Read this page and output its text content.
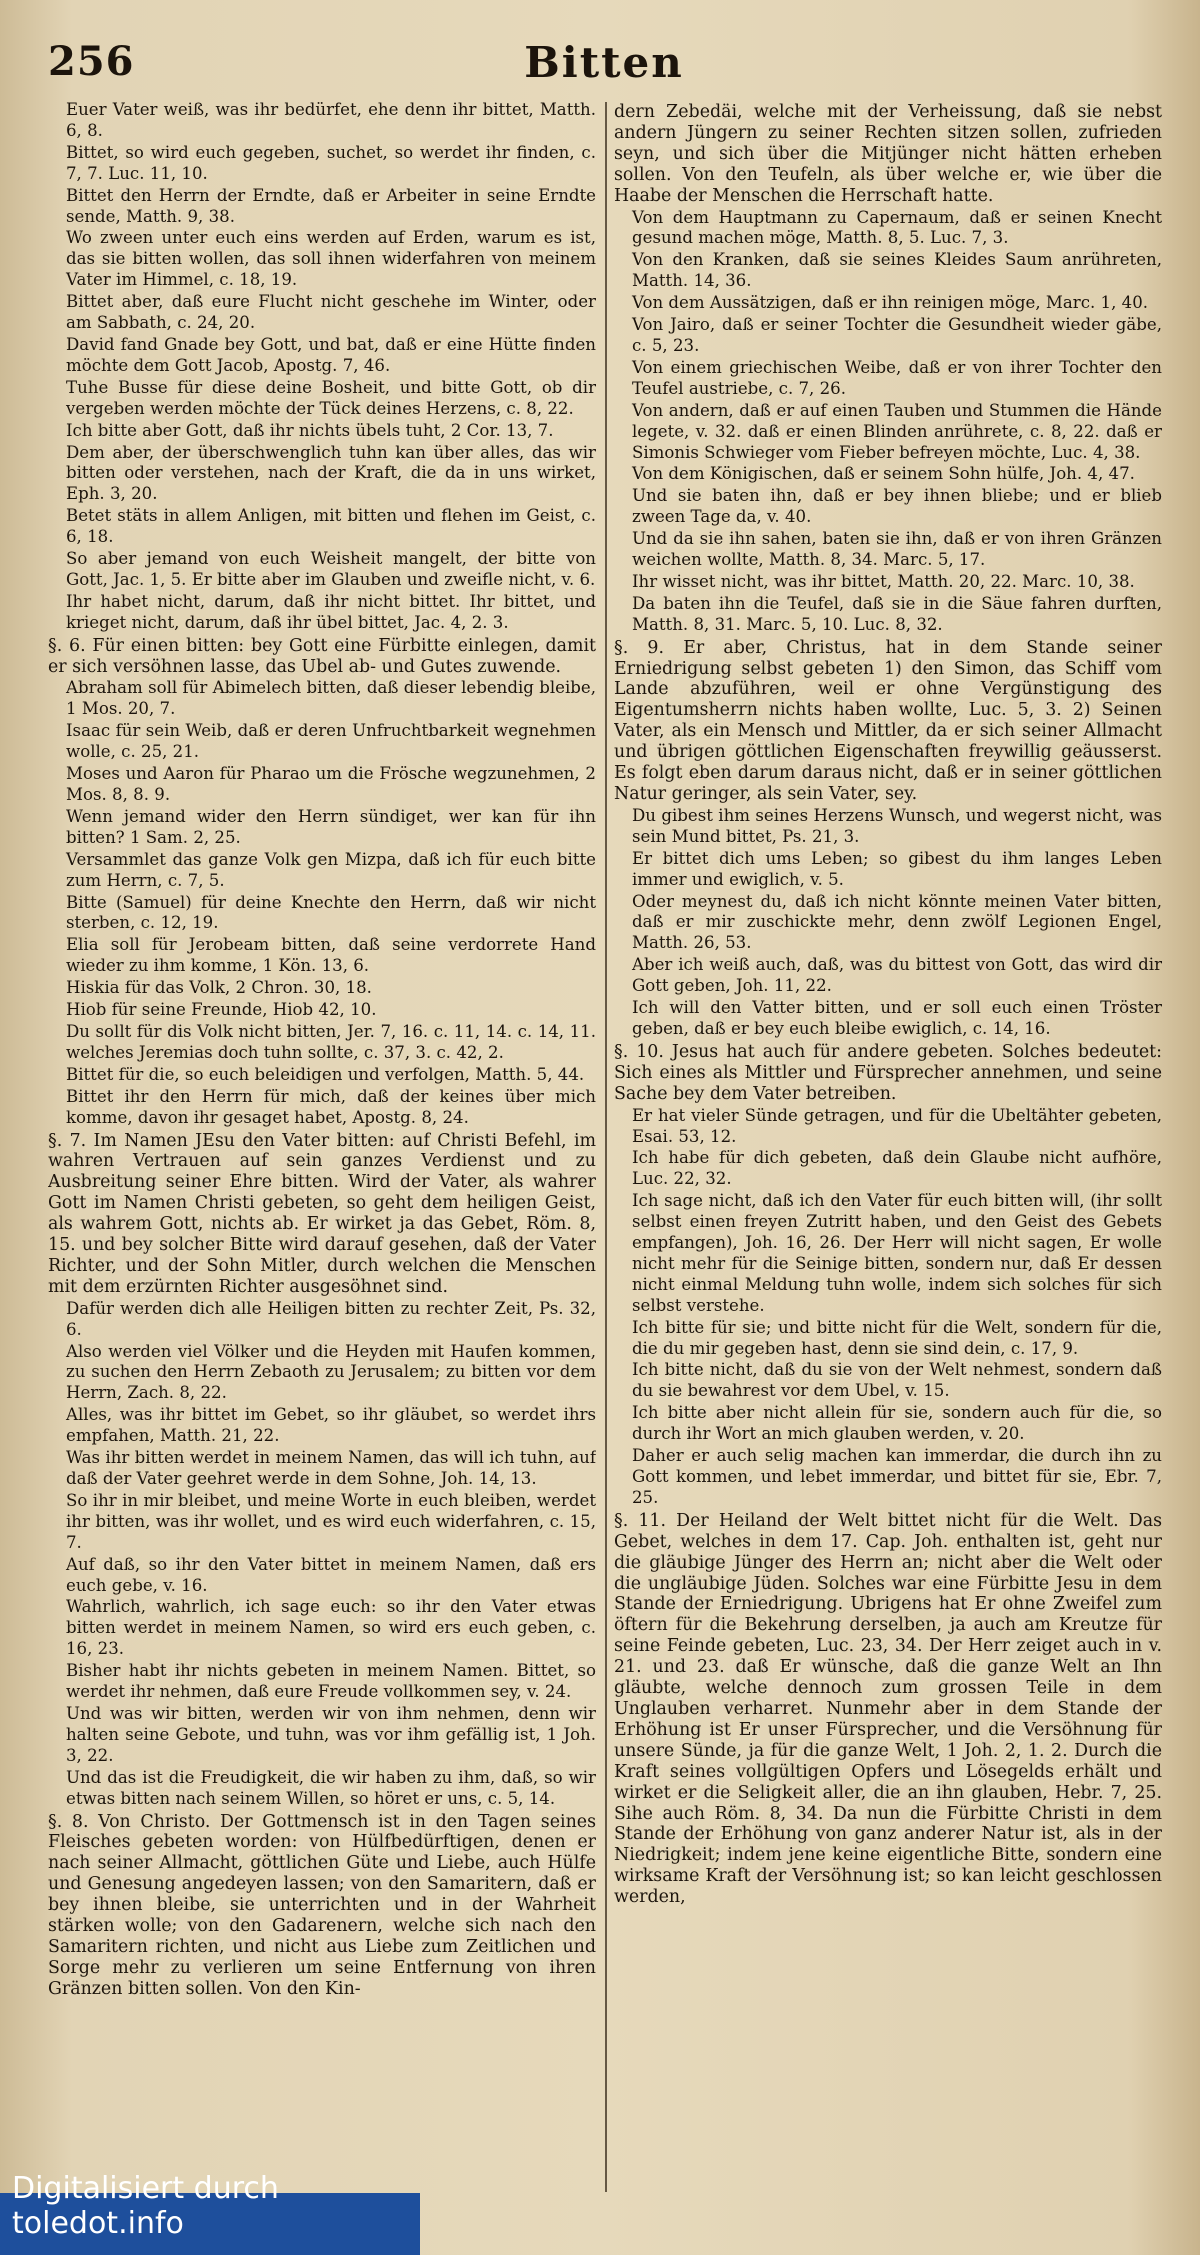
256	Bitten

Euer Vater weiß, was ihr bedürfet, ehe denn ihr bittet, Matth. 6, 8.

Bittet, so wird euch gegeben, suchet, so werdet ihr finden, c. 7, 7. Luc. 11, 10.

Bittet den Herrn der Erndte, daß er Arbeiter in seine Erndte sende, Matth. 9, 38.

Wo zween unter euch eins werden auf Erden, warum es ist, das sie bitten wollen, das soll ihnen widerfahren von meinem Vater im Himmel, c. 18, 19.

Bittet aber, daß eure Flucht nicht geschehe im Winter, oder am Sabbath, c. 24, 20.

David fand Gnade bey Gott, und bat, daß er eine Hütte finden möchte dem Gott Jacob, Apostg. 7, 46.

Tuhe Busse für diese deine Bosheit, und bitte Gott, ob dir vergeben werden möchte der Tück deines Herzens, c. 8, 22.

Ich bitte aber Gott, daß ihr nichts übels tuht, 2 Cor. 13, 7.

Dem aber, der überschwenglich tuhn kan über alles, das wir bitten oder verstehen, nach der Kraft, die da in uns wirket, Eph. 3, 20.

Betet stäts in allem Anligen, mit bitten und flehen im Geist, c. 6, 18.

So aber jemand von euch Weisheit mangelt, der bitte von Gott, Jac. 1, 5. Er bitte aber im Glauben und zweifle nicht, v. 6.

Ihr habet nicht, darum, daß ihr nicht bittet. Ihr bittet, und krieget nicht, darum, daß ihr übel bittet, Jac. 4, 2. 3.

§. 6. Für einen bitten: bey Gott eine Fürbitte einlegen, damit er sich versöhnen lasse, das Ubel ab- und Gutes zuwende.

Abraham soll für Abimelech bitten, daß dieser lebendig bleibe, 1 Mos. 20, 7.

Isaac für sein Weib, daß er deren Unfruchtbarkeit wegnehmen wolle, c. 25, 21.

Moses und Aaron für Pharao um die Frösche wegzunehmen, 2 Mos. 8, 8. 9.

Wenn jemand wider den Herrn sündiget, wer kan für ihn bitten? 1 Sam. 2, 25.

Versammlet das ganze Volk gen Mizpa, daß ich für euch bitte zum Herrn, c. 7, 5.

Bitte (Samuel) für deine Knechte den Herrn, daß wir nicht sterben, c. 12, 19.

Elia soll für Jerobeam bitten, daß seine verdorrete Hand wieder zu ihm komme, 1 Kön. 13, 6.

Hiskia für das Volk, 2 Chron. 30, 18.

Hiob für seine Freunde, Hiob 42, 10.

Du sollt für dis Volk nicht bitten, Jer. 7, 16. c. 11, 14. c. 14, 11. welches Jeremias doch tuhn sollte, c. 37, 3. c. 42, 2.

Bittet für die, so euch beleidigen und verfolgen, Matth. 5, 44.

Bittet ihr den Herrn für mich, daß der keines über mich komme, davon ihr gesaget habet, Apostg. 8, 24.

§. 7. Im Namen JEsu den Vater bitten: auf Christi Befehl, im wahren Vertrauen auf sein ganzes Verdienst und zu Ausbreitung seiner Ehre bitten. Wird der Vater, als wahrer Gott im Namen Christi gebeten, so geht dem heiligen Geist, als wahrem Gott, nichts ab. Er wirket ja das Gebet, Röm. 8, 15. und bey solcher Bitte wird darauf gesehen, daß der Vater Richter, und der Sohn Mitler, durch welchen die Menschen mit dem erzürnten Richter ausgesöhnet sind.

Dafür werden dich alle Heiligen bitten zu rechter Zeit, Ps. 32, 6.

Also werden viel Völker und die Heyden mit Haufen kommen, zu suchen den Herrn Zebaoth zu Jerusalem; zu bitten vor dem Herrn, Zach. 8, 22.

Alles, was ihr bittet im Gebet, so ihr gläubet, so werdet ihrs empfahen, Matth. 21, 22.

Was ihr bitten werdet in meinem Namen, das will ich tuhn, auf daß der Vater geehret werde in dem Sohne, Joh. 14, 13.

So ihr in mir bleibet, und meine Worte in euch bleiben, werdet ihr bitten, was ihr wollet, und es wird euch widerfahren, c. 15, 7.

Auf daß, so ihr den Vater bittet in meinem Namen, daß ers euch gebe, v. 16.

Wahrlich, wahrlich, ich sage euch: so ihr den Vater etwas bitten werdet in meinem Namen, so wird ers euch geben, c. 16, 23.

Bisher habt ihr nichts gebeten in meinem Namen. Bittet, so werdet ihr nehmen, daß eure Freude vollkommen sey, v. 24.

Und was wir bitten, werden wir von ihm nehmen, denn wir halten seine Gebote, und tuhn, was vor ihm gefällig ist, 1 Joh. 3, 22.

Und das ist die Freudigkeit, die wir haben zu ihm, daß, so wir etwas bitten nach seinem Willen, so höret er uns, c. 5, 14.

§. 8. Von Christo. Der Gottmensch ist in den Tagen seines Fleisches gebeten worden: von Hülfbedürftigen, denen er nach seiner Allmacht, göttlichen Güte und Liebe, auch Hülfe und Genesung angedeyen lassen; von den Samaritern, daß er bey ihnen bleibe, sie unterrichten und in der Wahrheit stärken wolle; von den Gadarenern, welche sich nach den Samaritern richten, und nicht aus Liebe zum Zeitlichen und Sorge mehr zu verlieren um seine Entfernung von ihren Gränzen bitten sollen. Von den Kin-

dern Zebedäi, welche mit der Verheissung, daß sie nebst andern Jüngern zu seiner Rechten sitzen sollen, zufrieden seyn, und sich über die Mitjünger nicht hätten erheben sollen. Von den Teufeln, als über welche er, wie über die Haabe der Menschen die Herrschaft hatte.

Von dem Hauptmann zu Capernaum, daß er seinen Knecht gesund machen möge, Matth. 8, 5. Luc. 7, 3.

Von den Kranken, daß sie seines Kleides Saum anrühreten, Matth. 14, 36.

Von dem Aussätzigen, daß er ihn reinigen möge, Marc. 1, 40.

Von Jairo, daß er seiner Tochter die Gesundheit wieder gäbe, c. 5, 23.

Von einem griechischen Weibe, daß er von ihrer Tochter den Teufel austriebe, c. 7, 26.

Von andern, daß er auf einen Tauben und Stummen die Hände legete, v. 32. daß er einen Blinden anrührete, c. 8, 22. daß er Simonis Schwieger vom Fieber befreyen möchte, Luc. 4, 38.

Von dem Königischen, daß er seinem Sohn hülfe, Joh. 4, 47.

Und sie baten ihn, daß er bey ihnen bliebe; und er blieb zween Tage da, v. 40.

Und da sie ihn sahen, baten sie ihn, daß er von ihren Gränzen weichen wollte, Matth. 8, 34. Marc. 5, 17.

Ihr wisset nicht, was ihr bittet, Matth. 20, 22. Marc. 10, 38.

Da baten ihn die Teufel, daß sie in die Säue fahren durften, Matth. 8, 31. Marc. 5, 10. Luc. 8, 32.

§. 9. Er aber, Christus, hat in dem Stande seiner Erniedrigung selbst gebeten 1) den Simon, das Schiff vom Lande abzuführen, weil er ohne Vergünstigung des Eigentumsherrn nichts haben wollte, Luc. 5, 3. 2) Seinen Vater, als ein Mensch und Mittler, da er sich seiner Allmacht und übrigen göttlichen Eigenschaften freywillig geäusserst. Es folgt eben darum daraus nicht, daß er in seiner göttlichen Natur geringer, als sein Vater, sey.

Du gibest ihm seines Herzens Wunsch, und wegerst nicht, was sein Mund bittet, Ps. 21, 3.

Er bittet dich ums Leben; so gibest du ihm langes Leben immer und ewiglich, v. 5.

Oder meynest du, daß ich nicht könnte meinen Vater bitten, daß er mir zuschickte mehr, denn zwölf Legionen Engel, Matth. 26, 53.

Aber ich weiß auch, daß, was du bittest von Gott, das wird dir Gott geben, Joh. 11, 22.

Ich will den Vatter bitten, und er soll euch einen Tröster geben, daß er bey euch bleibe ewiglich, c. 14, 16.

§. 10. Jesus hat auch für andere gebeten. Solches bedeutet: Sich eines als Mittler und Fürsprecher annehmen, und seine Sache bey dem Vater betreiben.

Er hat vieler Sünde getragen, und für die Ubeltähter gebeten, Esai. 53, 12.

Ich habe für dich gebeten, daß dein Glaube nicht aufhöre, Luc. 22, 32.

Ich sage nicht, daß ich den Vater für euch bitten will, (ihr sollt selbst einen freyen Zutritt haben, und den Geist des Gebets empfangen), Joh. 16, 26. Der Herr will nicht sagen, Er wolle nicht mehr für die Seinige bitten, sondern nur, daß Er dessen nicht einmal Meldung tuhn wolle, indem sich solches für sich selbst verstehe.

Ich bitte für sie; und bitte nicht für die Welt, sondern für die, die du mir gegeben hast, denn sie sind dein, c. 17, 9.

Ich bitte nicht, daß du sie von der Welt nehmest, sondern daß du sie bewahrest vor dem Ubel, v. 15.

Ich bitte aber nicht allein für sie, sondern auch für die, so durch ihr Wort an mich glauben werden, v. 20.

Daher er auch selig machen kan immerdar, die durch ihn zu Gott kommen, und lebet immerdar, und bittet für sie, Ebr. 7, 25.

§. 11. Der Heiland der Welt bittet nicht für die Welt. Das Gebet, welches in dem 17. Cap. Joh. enthalten ist, geht nur die gläubige Jünger des Herrn an; nicht aber die Welt oder die ungläubige Jüden. Solches war eine Fürbitte Jesu in dem Stande der Erniedrigung. Ubrigens hat Er ohne Zweifel zum öftern für die Bekehrung derselben, ja auch am Kreutze für seine Feinde gebeten, Luc. 23, 34. Der Herr zeiget auch in v. 21. und 23. daß Er wünsche, daß die ganze Welt an Ihn gläubte, welche dennoch zum grossen Teile in dem Unglauben verharret. Nunmehr aber in dem Stande der Erhöhung ist Er unser Fürsprecher, und die Versöhnung für unsere Sünde, ja für die ganze Welt, 1 Joh. 2, 1. 2. Durch die Kraft seines vollgültigen Opfers und Lösegelds erhält und wirket er die Seligkeit aller, die an ihn glauben, Hebr. 7, 25. Sihe auch Röm. 8, 34. Da nun die Fürbitte Christi in dem Stande der Erhöhung von ganz anderer Natur ist, als in der Niedrigkeit; indem jene keine eigentliche Bitte, sondern eine wirksame Kraft der Versöhnung ist; so kan leicht geschlossen werden,

Digitalisiert durch toledot.info
